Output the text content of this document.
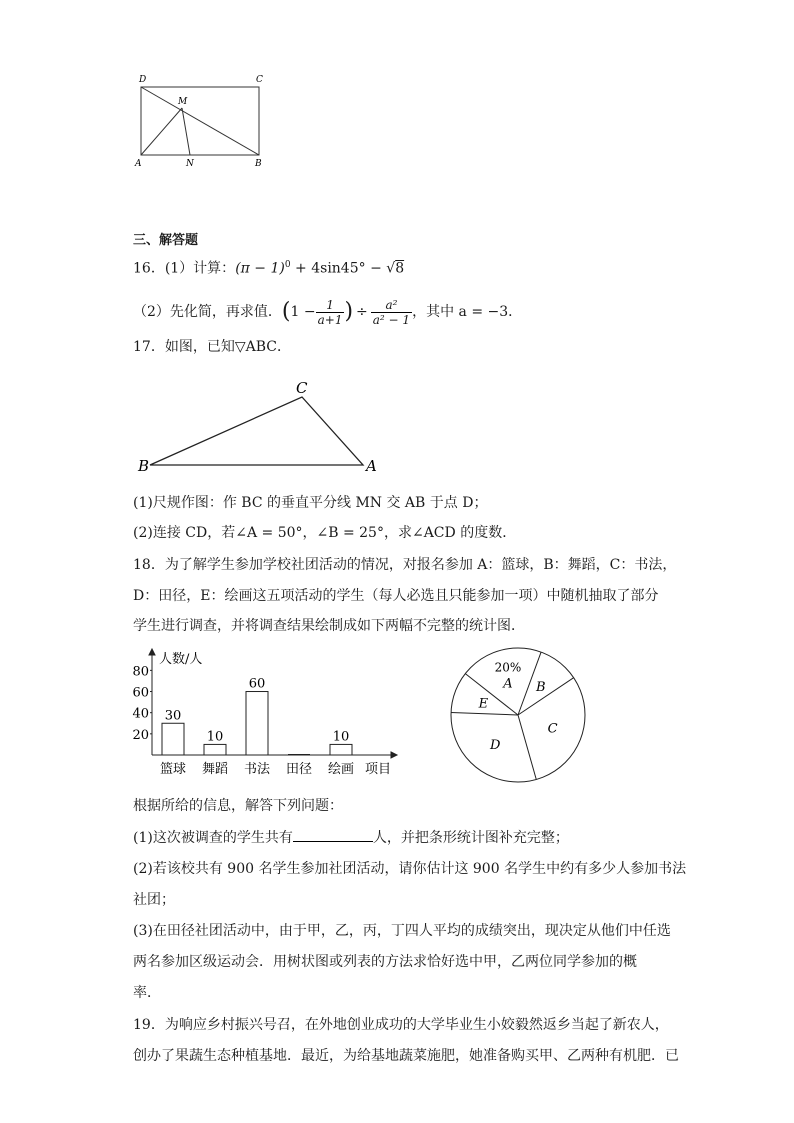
D	C
M
A	N	B
三、解答题
16．(1）计算：$(\pi - 1)^0 + 4\sin 45^\circ - √8$
（2）先化简，再求值． ( $1 - \frac{1}{a+1}$ ) ÷ $\frac{\text{a²}}{\text{a² − 1}}$ ，其中 a = −3．
17．如图，已知▽ABC．
C
B	A
(1)尺规作图：作 BC 的垂直平分线 MN 交 AB 于点 D；
(2)连接 CD，若∠A = 50°，∠B = 25°，求∠ACD 的度数．
18．为了解学生参加学校社团活动的情况，对报名参加 A：篮球，B：舞蹈，C：书法，
D：田径，E：绘画这五项活动的学生（每人必选且只能参加一项）中随机抽取了部分
学生进行调查，并将调查结果绘制成如下两幅不完整的统计图．
人数/人
项目
80
60
40
20
30
篮球
10
舞蹈
60
书法 田径
10
绘画
20%
A B
C
D
E
根据所给的信息，解答下列问题：
(1)这次被调查的学生共有	人，并把条形统计图补充完整；
(2)若该校共有 900 名学生参加社团活动，请你估计这 900 名学生中约有多少人参加书法
社团；
(3)在田径社团活动中，由于甲，乙，丙，丁四人平均的成绩突出，现决定从他们中任选
两名参加区级运动会．用树状图或列表的方法求恰好选中甲，乙两位同学参加的概
率．
19．为响应乡村振兴号召，在外地创业成功的大学毕业生小姣毅然返乡当起了新农人，
创办了果蔬生态种植基地．最近，为给基地蔬菜施肥，她准备购买甲、乙两种有机肥．已
